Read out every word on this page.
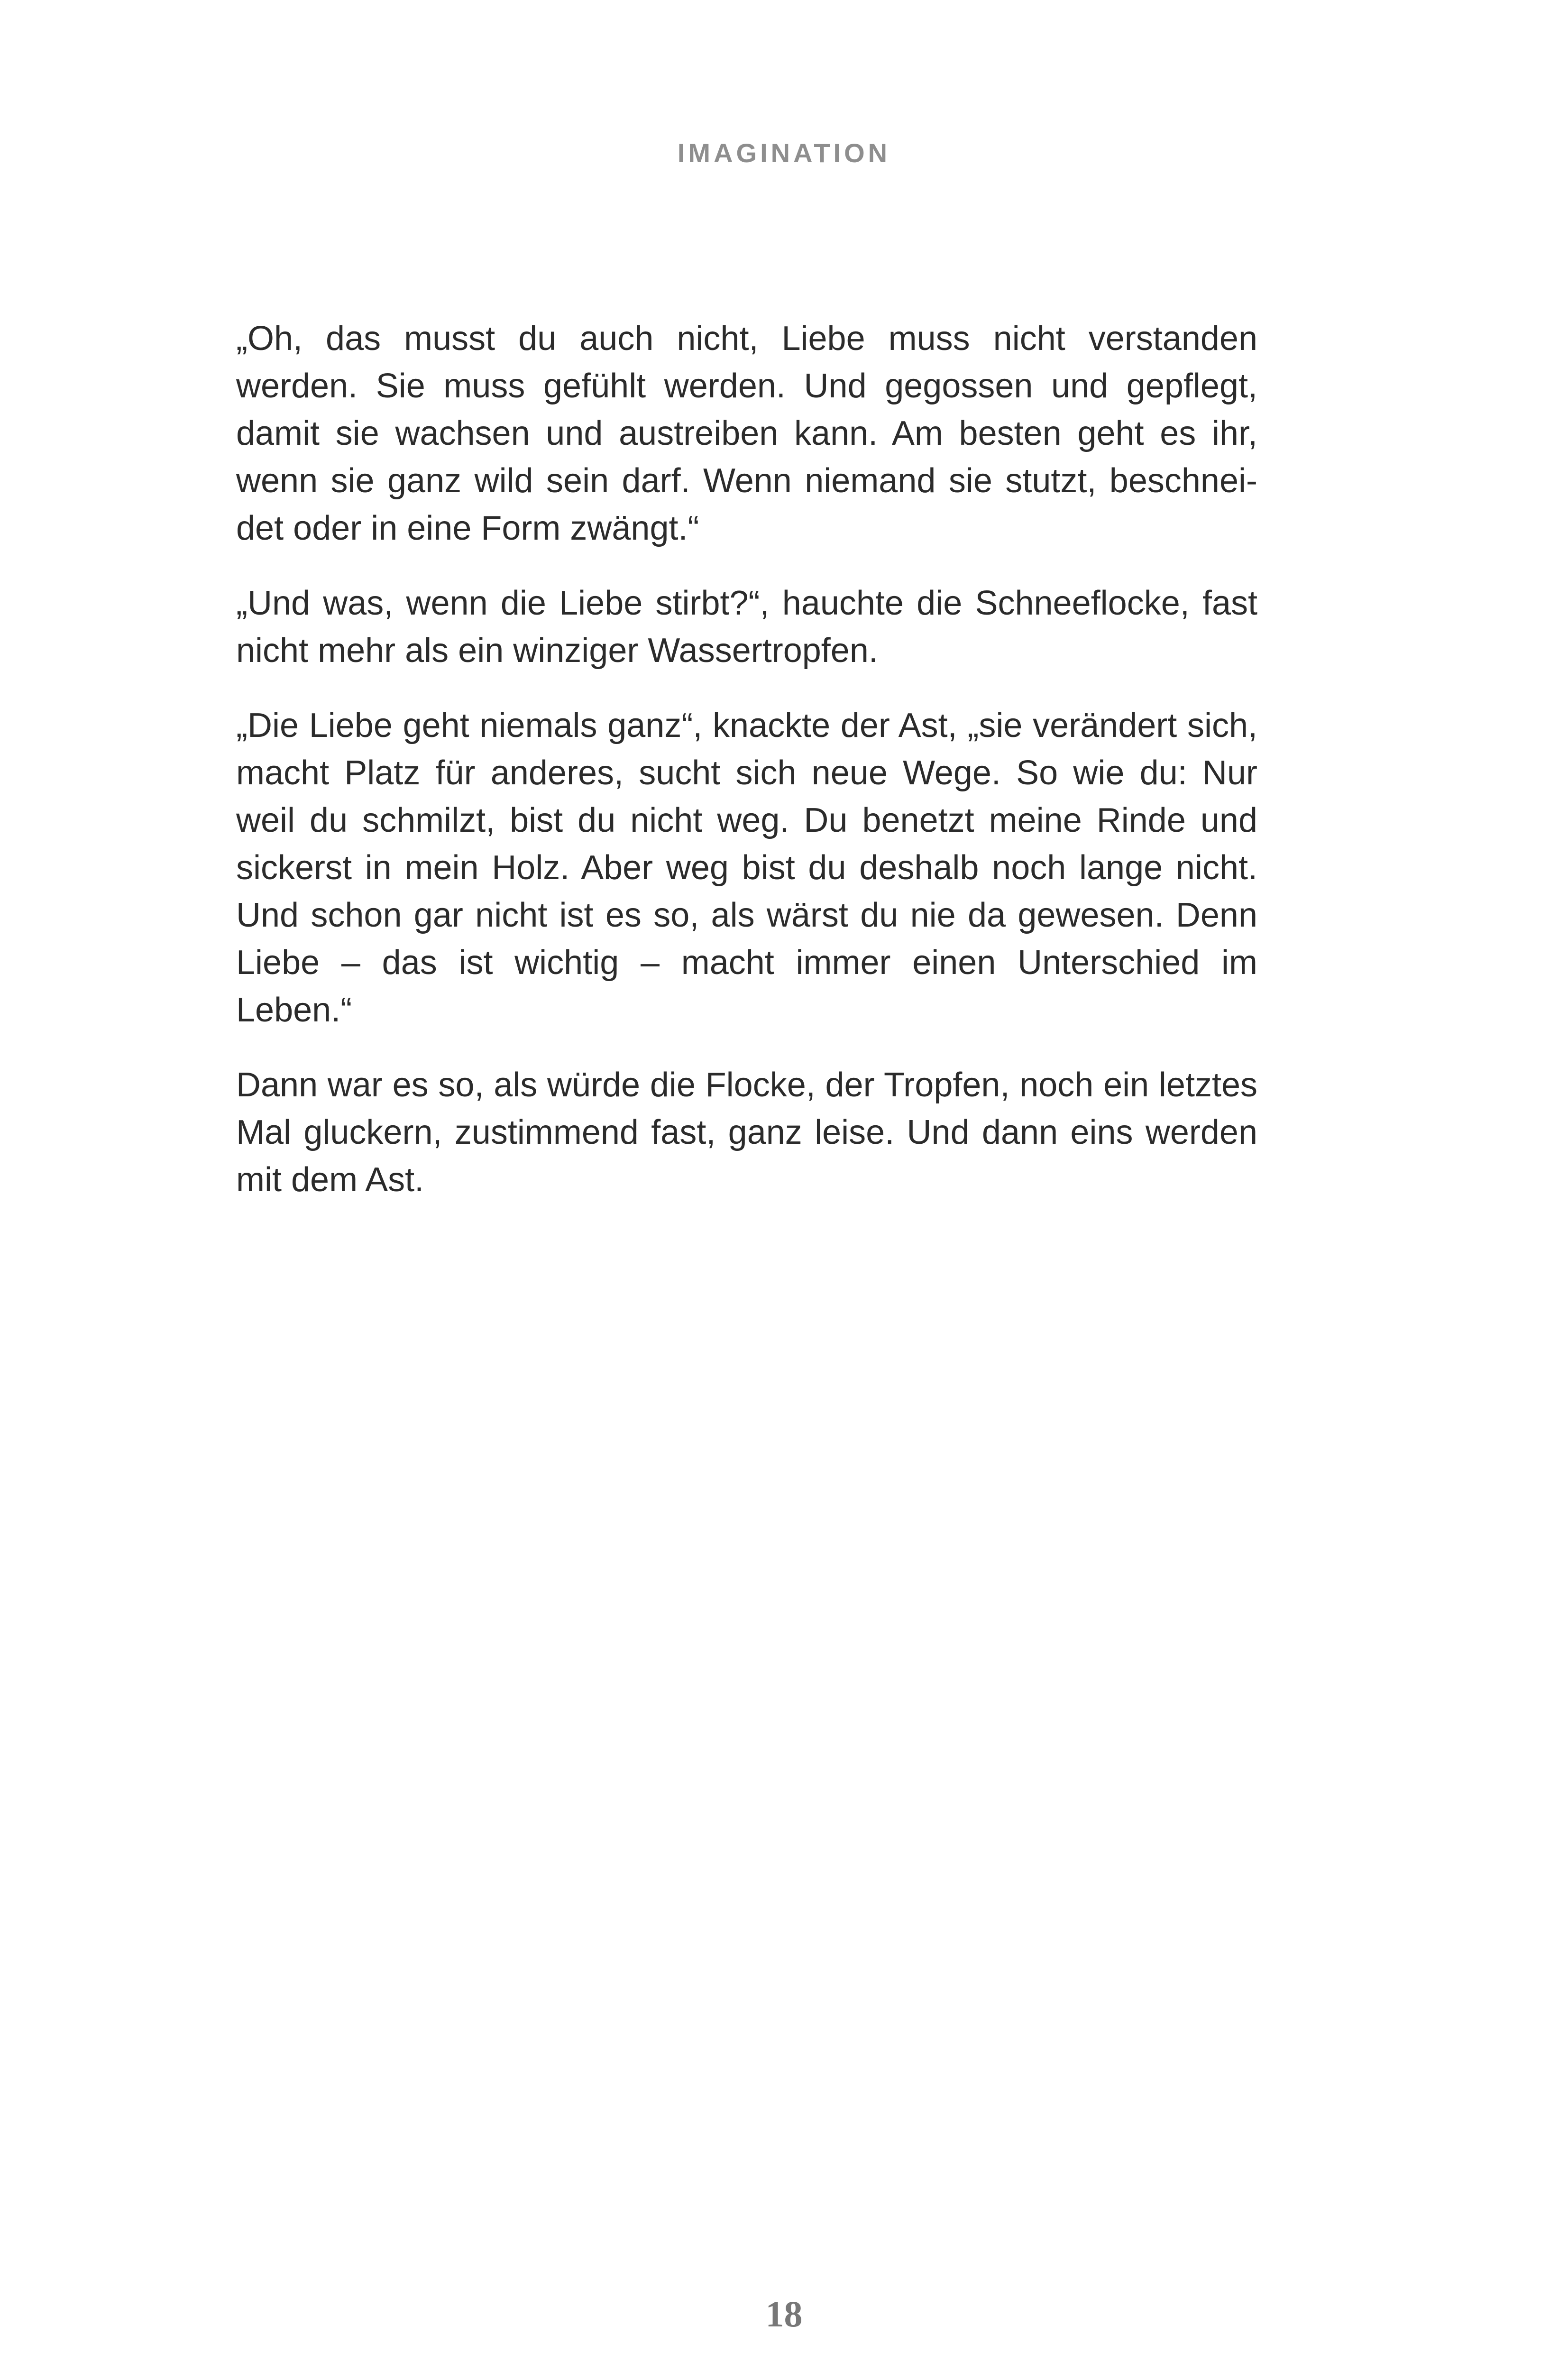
IMAGINATION

„Oh, das musst du auch nicht, Liebe muss nicht verstanden werden. Sie muss gefühlt werden. Und gegossen und gepflegt, damit sie wachsen und austreiben kann. Am besten geht es ihr, wenn sie ganz wild sein darf. Wenn niemand sie stutzt, beschneidet oder in eine Form zwängt.“

„Und was, wenn die Liebe stirbt?“, hauchte die Schneeflocke, fast nicht mehr als ein winziger Wassertropfen.

„Die Liebe geht niemals ganz“, knackte der Ast, „sie verändert sich, macht Platz für anderes, sucht sich neue Wege. So wie du: Nur weil du schmilzt, bist du nicht weg. Du benetzt meine Rinde und sickerst in mein Holz. Aber weg bist du deshalb noch lange nicht. Und schon gar nicht ist es so, als wärst du nie da gewesen. Denn Liebe – das ist wichtig – macht immer einen Unterschied im Leben.“

Dann war es so, als würde die Flocke, der Tropfen, noch ein letztes Mal gluckern, zustimmend fast, ganz leise. Und dann eins werden mit dem Ast.

18
